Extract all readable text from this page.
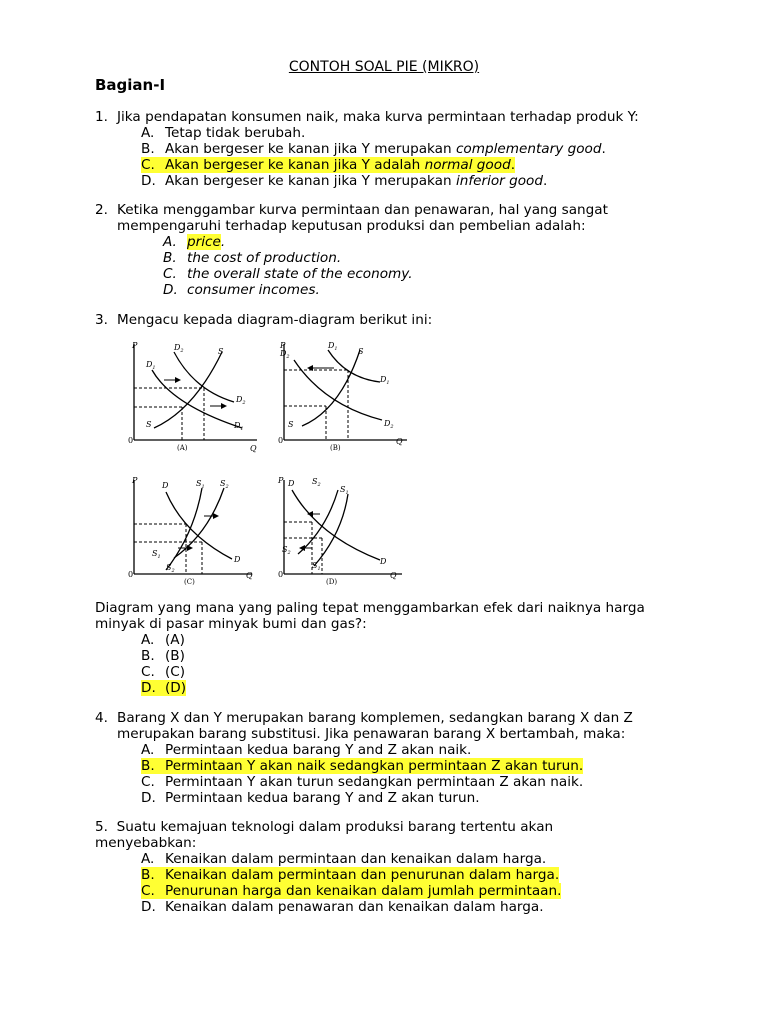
CONTOH SOAL PIE (MIKRO)
Bagian-I
1. Jika pendapatan konsumen naik, maka kurva permintaan terhadap produk Y:
A. Tetap tidak berubah.
B. Akan bergeser ke kanan jika Y merupakan complementary good.
C. Akan bergeser ke kanan jika Y adalah normal good.
D. Akan bergeser ke kanan jika Y merupakan inferior good.
2. Ketika menggambar kurva permintaan dan penawaran, hal yang sangat
mempengaruhi terhadap keputusan produksi dan pembelian adalah:
A. price.
B. the cost of production.
C. the overall state of the economy.
D. consumer incomes.
3. Mengacu kepada diagram-diagram berikut ini:
P
Q
0
$D_1$
$D_2$	S
$D_2$
$D_1$
S
(A)
P
Q
0
$D_2$
$D_1$	S
$D_1$
$D_2$
S
(B)
P
Q
0
D	$S_1$ $S_2$
D
$S_1$
$S_2$
(C)
P
Q
0
D $S_2$ $S_1$
D
$S_2$
$S_1$
(D)
Diagram yang mana yang paling tepat menggambarkan efek dari naiknya harga
minyak di pasar minyak bumi dan gas?:
A. (A)
B. (B)
C. (C)
D. (D)
4. Barang X dan Y merupakan barang komplemen, sedangkan barang X dan Z
merupakan barang substitusi. Jika penawaran barang X bertambah, maka:
A. Permintaan kedua barang Y and Z akan naik.
B. Permintaan Y akan naik sedangkan permintaan Z akan turun.
C. Permintaan Y akan turun sedangkan permintaan Z akan naik.
D. Permintaan kedua barang Y and Z akan turun.
5.  Suatu kemajuan teknologi dalam produksi barang tertentu akan
menyebabkan:
A. Kenaikan dalam permintaan dan kenaikan dalam harga.
B. Kenaikan dalam permintaan dan penurunan dalam harga.
C. Penurunan harga dan kenaikan dalam jumlah permintaan.
D. Kenaikan dalam penawaran dan kenaikan dalam harga.
